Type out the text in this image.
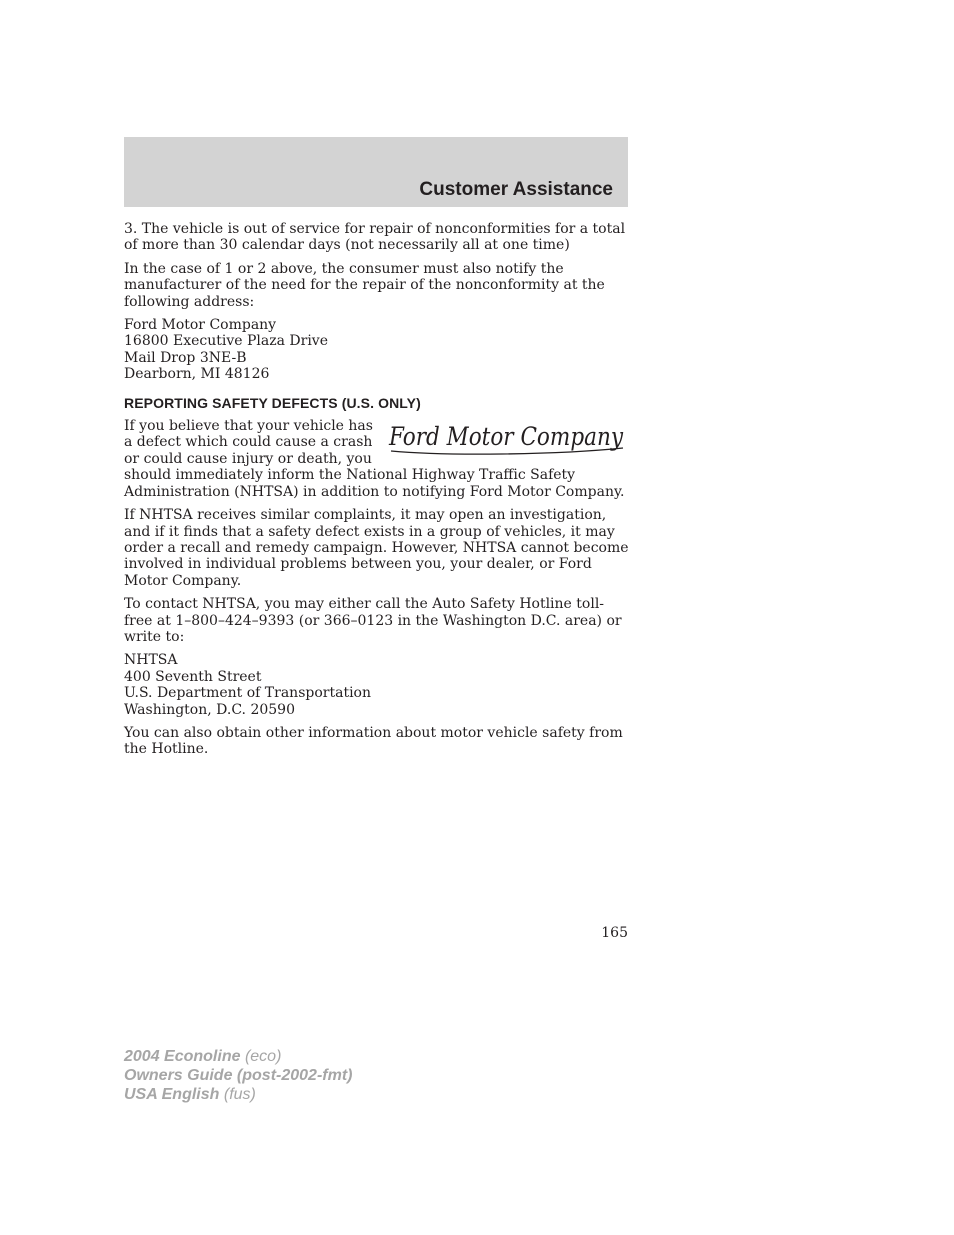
Customer Assistance

3. The vehicle is out of service for repair of nonconformities for a total of more than 30 calendar days (not necessarily all at one time)

In the case of 1 or 2 above, the consumer must also notify the manufacturer of the need for the repair of the nonconformity at the following address:

Ford Motor Company
16800 Executive Plaza Drive
Mail Drop 3NE-B
Dearborn, MI 48126
REPORTING SAFETY DEFECTS (U.S. ONLY)
Ford Motor Company

If you believe that your vehicle has a defect which could cause a crash or could cause injury or death, you should immediately inform the National Highway Traffic Safety Administration (NHTSA) in addition to notifying Ford Motor Company.

If NHTSA receives similar complaints, it may open an investigation, and if it finds that a safety defect exists in a group of vehicles, it may order a recall and remedy campaign. However, NHTSA cannot become involved in individual problems between you, your dealer, or Ford Motor Company.

To contact NHTSA, you may either call the Auto Safety Hotline toll-free at 1–800–424–9393 (or 366–0123 in the Washington D.C. area) or write to:

NHTSA
400 Seventh Street
U.S. Department of Transportation
Washington, D.C. 20590

You can also obtain other information about motor vehicle safety from the Hotline.

165
2004 Econoline (eco)
Owners Guide (post-2002-fmt)
USA English (fus)
